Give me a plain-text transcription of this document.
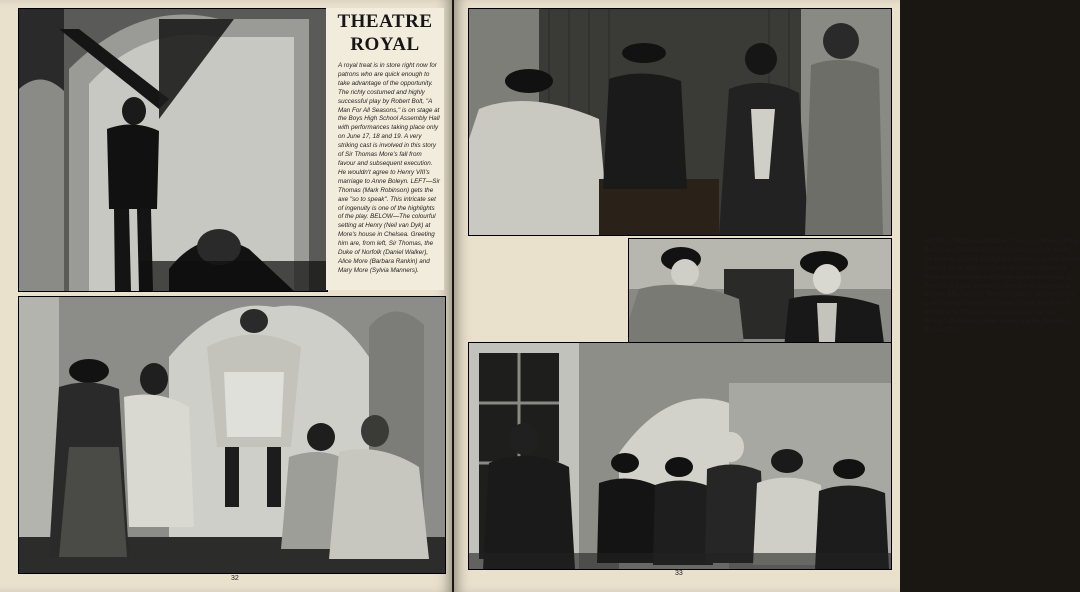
THEATRE
ROYAL
A royal treat is in store right now for patrons who are quick enough to take advantage of the opportunity. The richly costumed and highly successful play by Robert Bolt, "A Man For All Seasons," is on stage at the Boys High School Assembly Hall with performances taking place only on June 17, 18 and 19. A very striking cast is involved in this story of Sir Thomas More's fall from favour and subsequent execution. He wouldn't agree to Henry VIII's marriage to Anne Boleyn. LEFT—Sir Thomas (Mark Robinson) gets the axe "so to speak". This intricate set of ingenuity is one of the highlights of the play. BELOW—The colourful setting at Henry (Neil van Dyk) at More's house in Chelsea. Greeting him are, from left, Sir Thomas, the Duke of Norfolk (Daniel Walker), Alice More (Barbara Rankin) and Mary More (Sylvia Manners).
32
ABOVE—The Duke of Norfolk, Thomas Cromwell (Philip Brown) and Richard Rich (Tim Collins, at right) inform the Woman (Shirley Dobby) that she must appear before Thomas More. RIGHT—Cardinal Wolsey (played by Bryan McKee-Hallah at left) asks More to persuade Sir Thomas to agree to Henry's divorce from Catherine of Aragon. BELOW—Sir Thomas explains his convictions to Archbishop Cranmer (Stephen Guard), the Duke of Norfolk, and Thomas Cromwell. At back are "the People", Marchmont (Peter Rowe) and the treacherous Richard Rich.
33
